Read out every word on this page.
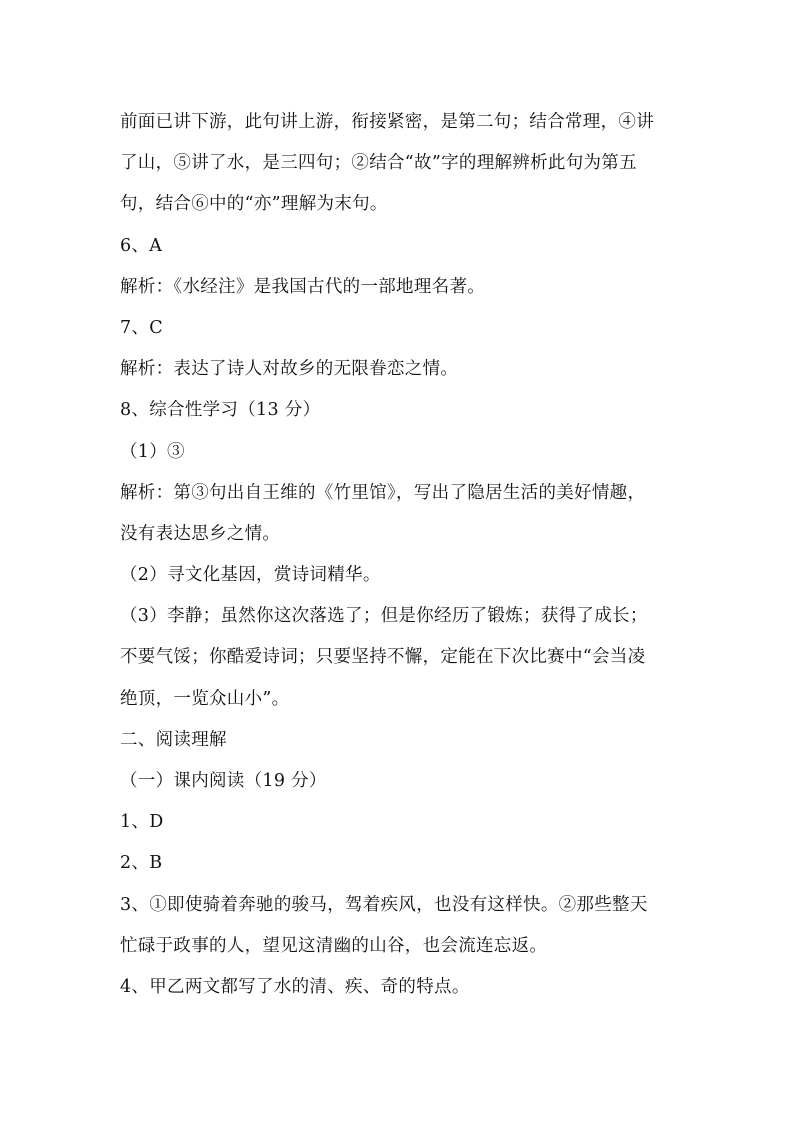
前面已讲下游，此句讲上游，衔接紧密，是第二句；结合常理，④讲
了山，⑤讲了水，是三四句；②结合“故”字的理解辨析此句为第五
句，结合⑥中的“亦”理解为末句。
6、A
解析：《水经注》是我国古代的一部地理名著。
7、C
解析：表达了诗人对故乡的无限眷恋之情。
8、综合性学习（13 分）
（1）③
解析：第③句出自王维的《竹里馆》，写出了隐居生活的美好情趣，
没有表达思乡之情。
（2）寻文化基因，赏诗词精华。
（3）李静；虽然你这次落选了；但是你经历了锻炼；获得了成长；
不要气馁；你酷爱诗词；只要坚持不懈，定能在下次比赛中“会当凌
绝顶，一览众山小”。
二、阅读理解
（一）课内阅读（19 分）
1、D
2、B
3、①即使骑着奔驰的骏马，驾着疾风，也没有这样快。②那些整天
忙碌于政事的人，望见这清幽的山谷，也会流连忘返。
4、甲乙两文都写了水的清、疾、奇的特点。
